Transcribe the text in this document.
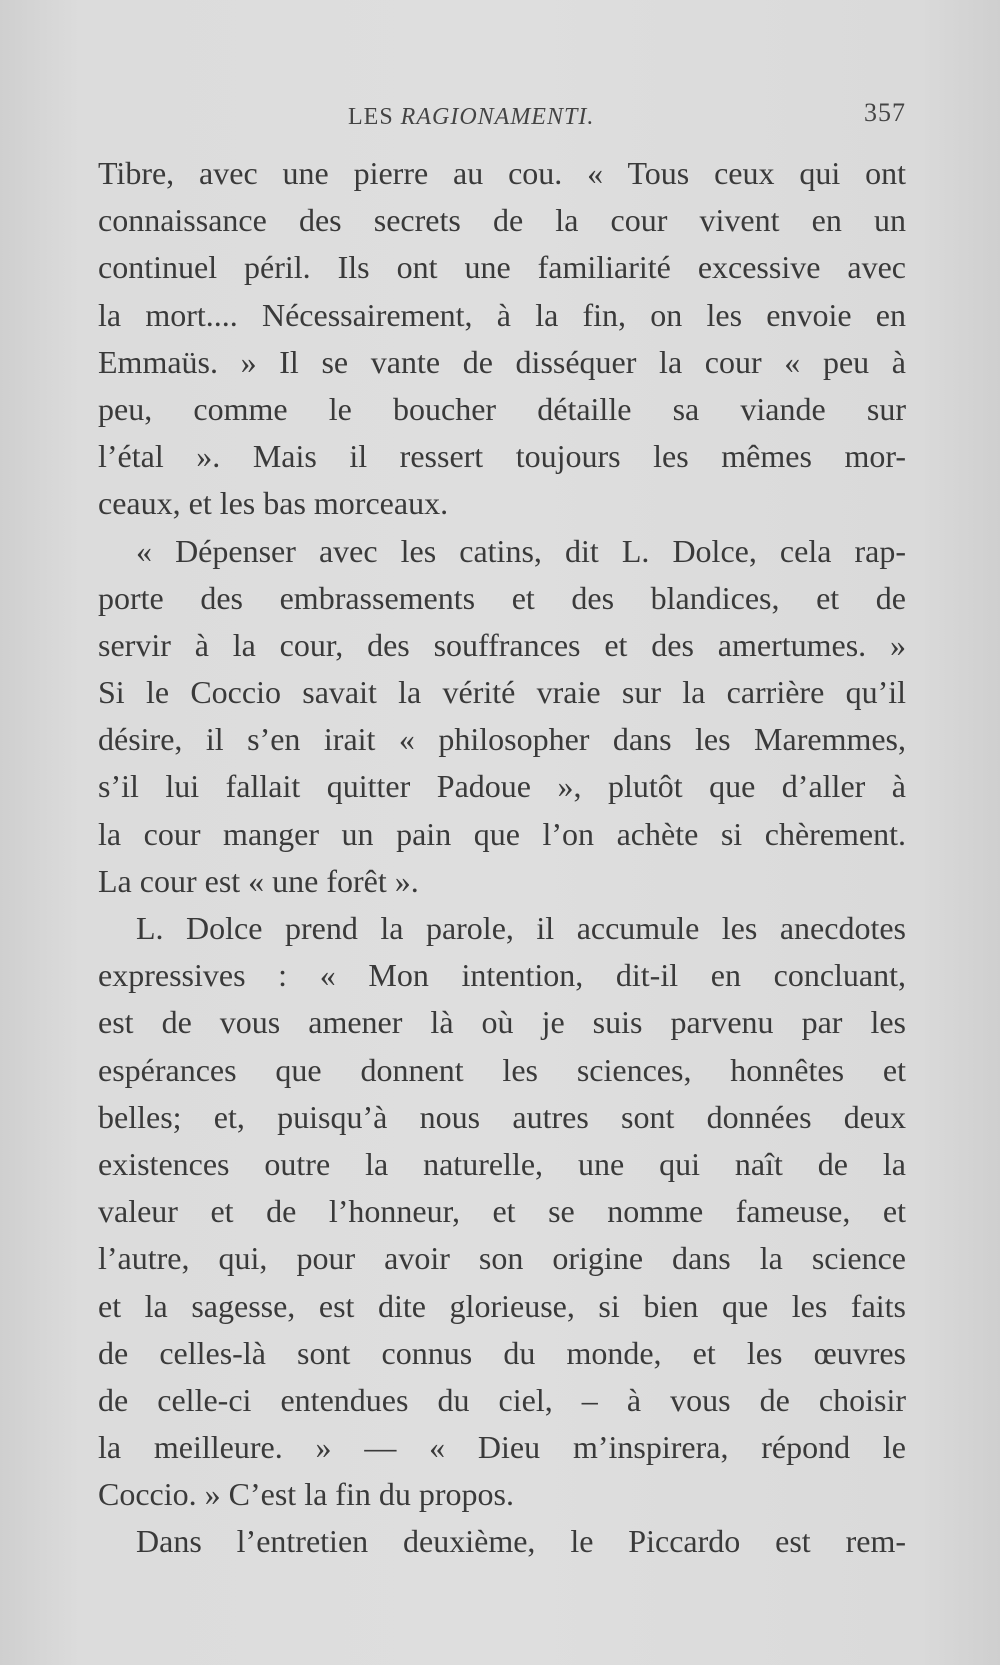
LES RAGIONAMENTI.	357
Tibre, avec une pierre au cou. « Tous ceux qui ont
connaissance des secrets de la cour vivent en un
continuel péril. Ils ont une familiarité excessive avec
la mort.... Nécessairement, à la fin, on les envoie en
Emmaüs. » Il se vante de disséquer la cour « peu à
peu, comme le boucher détaille sa viande sur
l’étal ». Mais il ressert toujours les mêmes mor-
ceaux, et les bas morceaux.
« Dépenser avec les catins, dit L. Dolce, cela rap-
porte des embrassements et des blandices, et de
servir à la cour, des souffrances et des amertumes. »
Si le Coccio savait la vérité vraie sur la carrière qu’il
désire, il s’en irait « philosopher dans les Maremmes,
s’il lui fallait quitter Padoue », plutôt que d’aller à
la cour manger un pain que l’on achète si chèrement.
La cour est « une forêt ».
L. Dolce prend la parole, il accumule les anecdotes
expressives : « Mon intention, dit-il en concluant,
est de vous amener là où je suis parvenu par les
espérances que donnent les sciences, honnêtes et
belles; et, puisqu’à nous autres sont données deux
existences outre la naturelle, une qui naît de la
valeur et de l’honneur, et se nomme fameuse, et
l’autre, qui, pour avoir son origine dans la science
et la sagesse, est dite glorieuse, si bien que les faits
de celles-là sont connus du monde, et les œuvres
de celle-ci entendues du ciel, – à vous de choisir
la meilleure. » — « Dieu m’inspirera, répond le
Coccio. » C’est la fin du propos.
Dans l’entretien deuxième, le Piccardo est rem-
